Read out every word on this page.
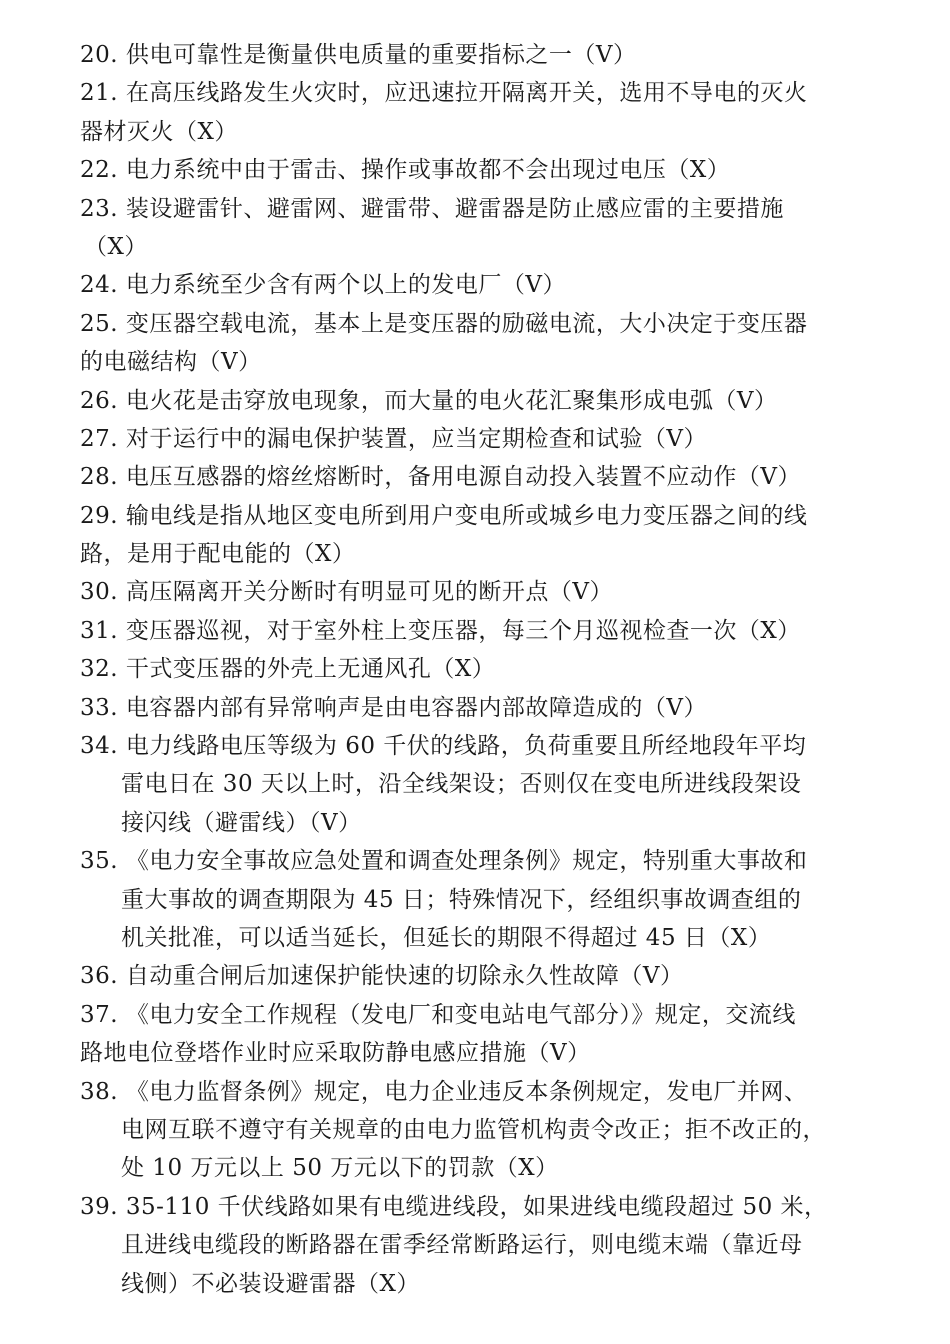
20. 供电可靠性是衡量供电质量的重要指标之一（V）
21. 在高压线路发生火灾时，应迅速拉开隔离开关，选用不导电的灭火
器材灭火（X）
22. 电力系统中由于雷击、操作或事故都不会出现过电压（X）
23. 装设避雷针、避雷网、避雷带、避雷器是防止感应雷的主要措施
（X）
24. 电力系统至少含有两个以上的发电厂（V）
25. 变压器空载电流，基本上是变压器的励磁电流，大小决定于变压器
的电磁结构（V）
26. 电火花是击穿放电现象，而大量的电火花汇聚集形成电弧（V）
27. 对于运行中的漏电保护装置，应当定期检查和试验（V）
28. 电压互感器的熔丝熔断时，备用电源自动投入装置不应动作（V）
29. 输电线是指从地区变电所到用户变电所或城乡电力变压器之间的线
路，是用于配电能的（X）
30. 高压隔离开关分断时有明显可见的断开点（V）
31. 变压器巡视，对于室外柱上变压器，每三个月巡视检查一次（X）
32. 干式变压器的外壳上无通风孔（X）
33. 电容器内部有异常响声是由电容器内部故障造成的（V）
34. 电力线路电压等级为 60 千伏的线路，负荷重要且所经地段年平均
雷电日在 30 天以上时，沿全线架设；否则仅在变电所进线段架设
接闪线（避雷线）（V）
35. 《电力安全事故应急处置和调查处理条例》规定，特别重大事故和
重大事故的调查期限为 45 日；特殊情况下，经组织事故调查组的
机关批准，可以适当延长，但延长的期限不得超过 45 日（X）
36. 自动重合闸后加速保护能快速的切除永久性故障（V）
37. 《电力安全工作规程（发电厂和变电站电气部分）》规定，交流线
路地电位登塔作业时应采取防静电感应措施（V）
38. 《电力监督条例》规定，电力企业违反本条例规定，发电厂并网、
电网互联不遵守有关规章的由电力监管机构责令改正；拒不改正的，
处 10 万元以上 50 万元以下的罚款（X）
39. 35-110 千伏线路如果有电缆进线段，如果进线电缆段超过 50 米，
且进线电缆段的断路器在雷季经常断路运行，则电缆末端（靠近母
线侧）不必装设避雷器（X）
